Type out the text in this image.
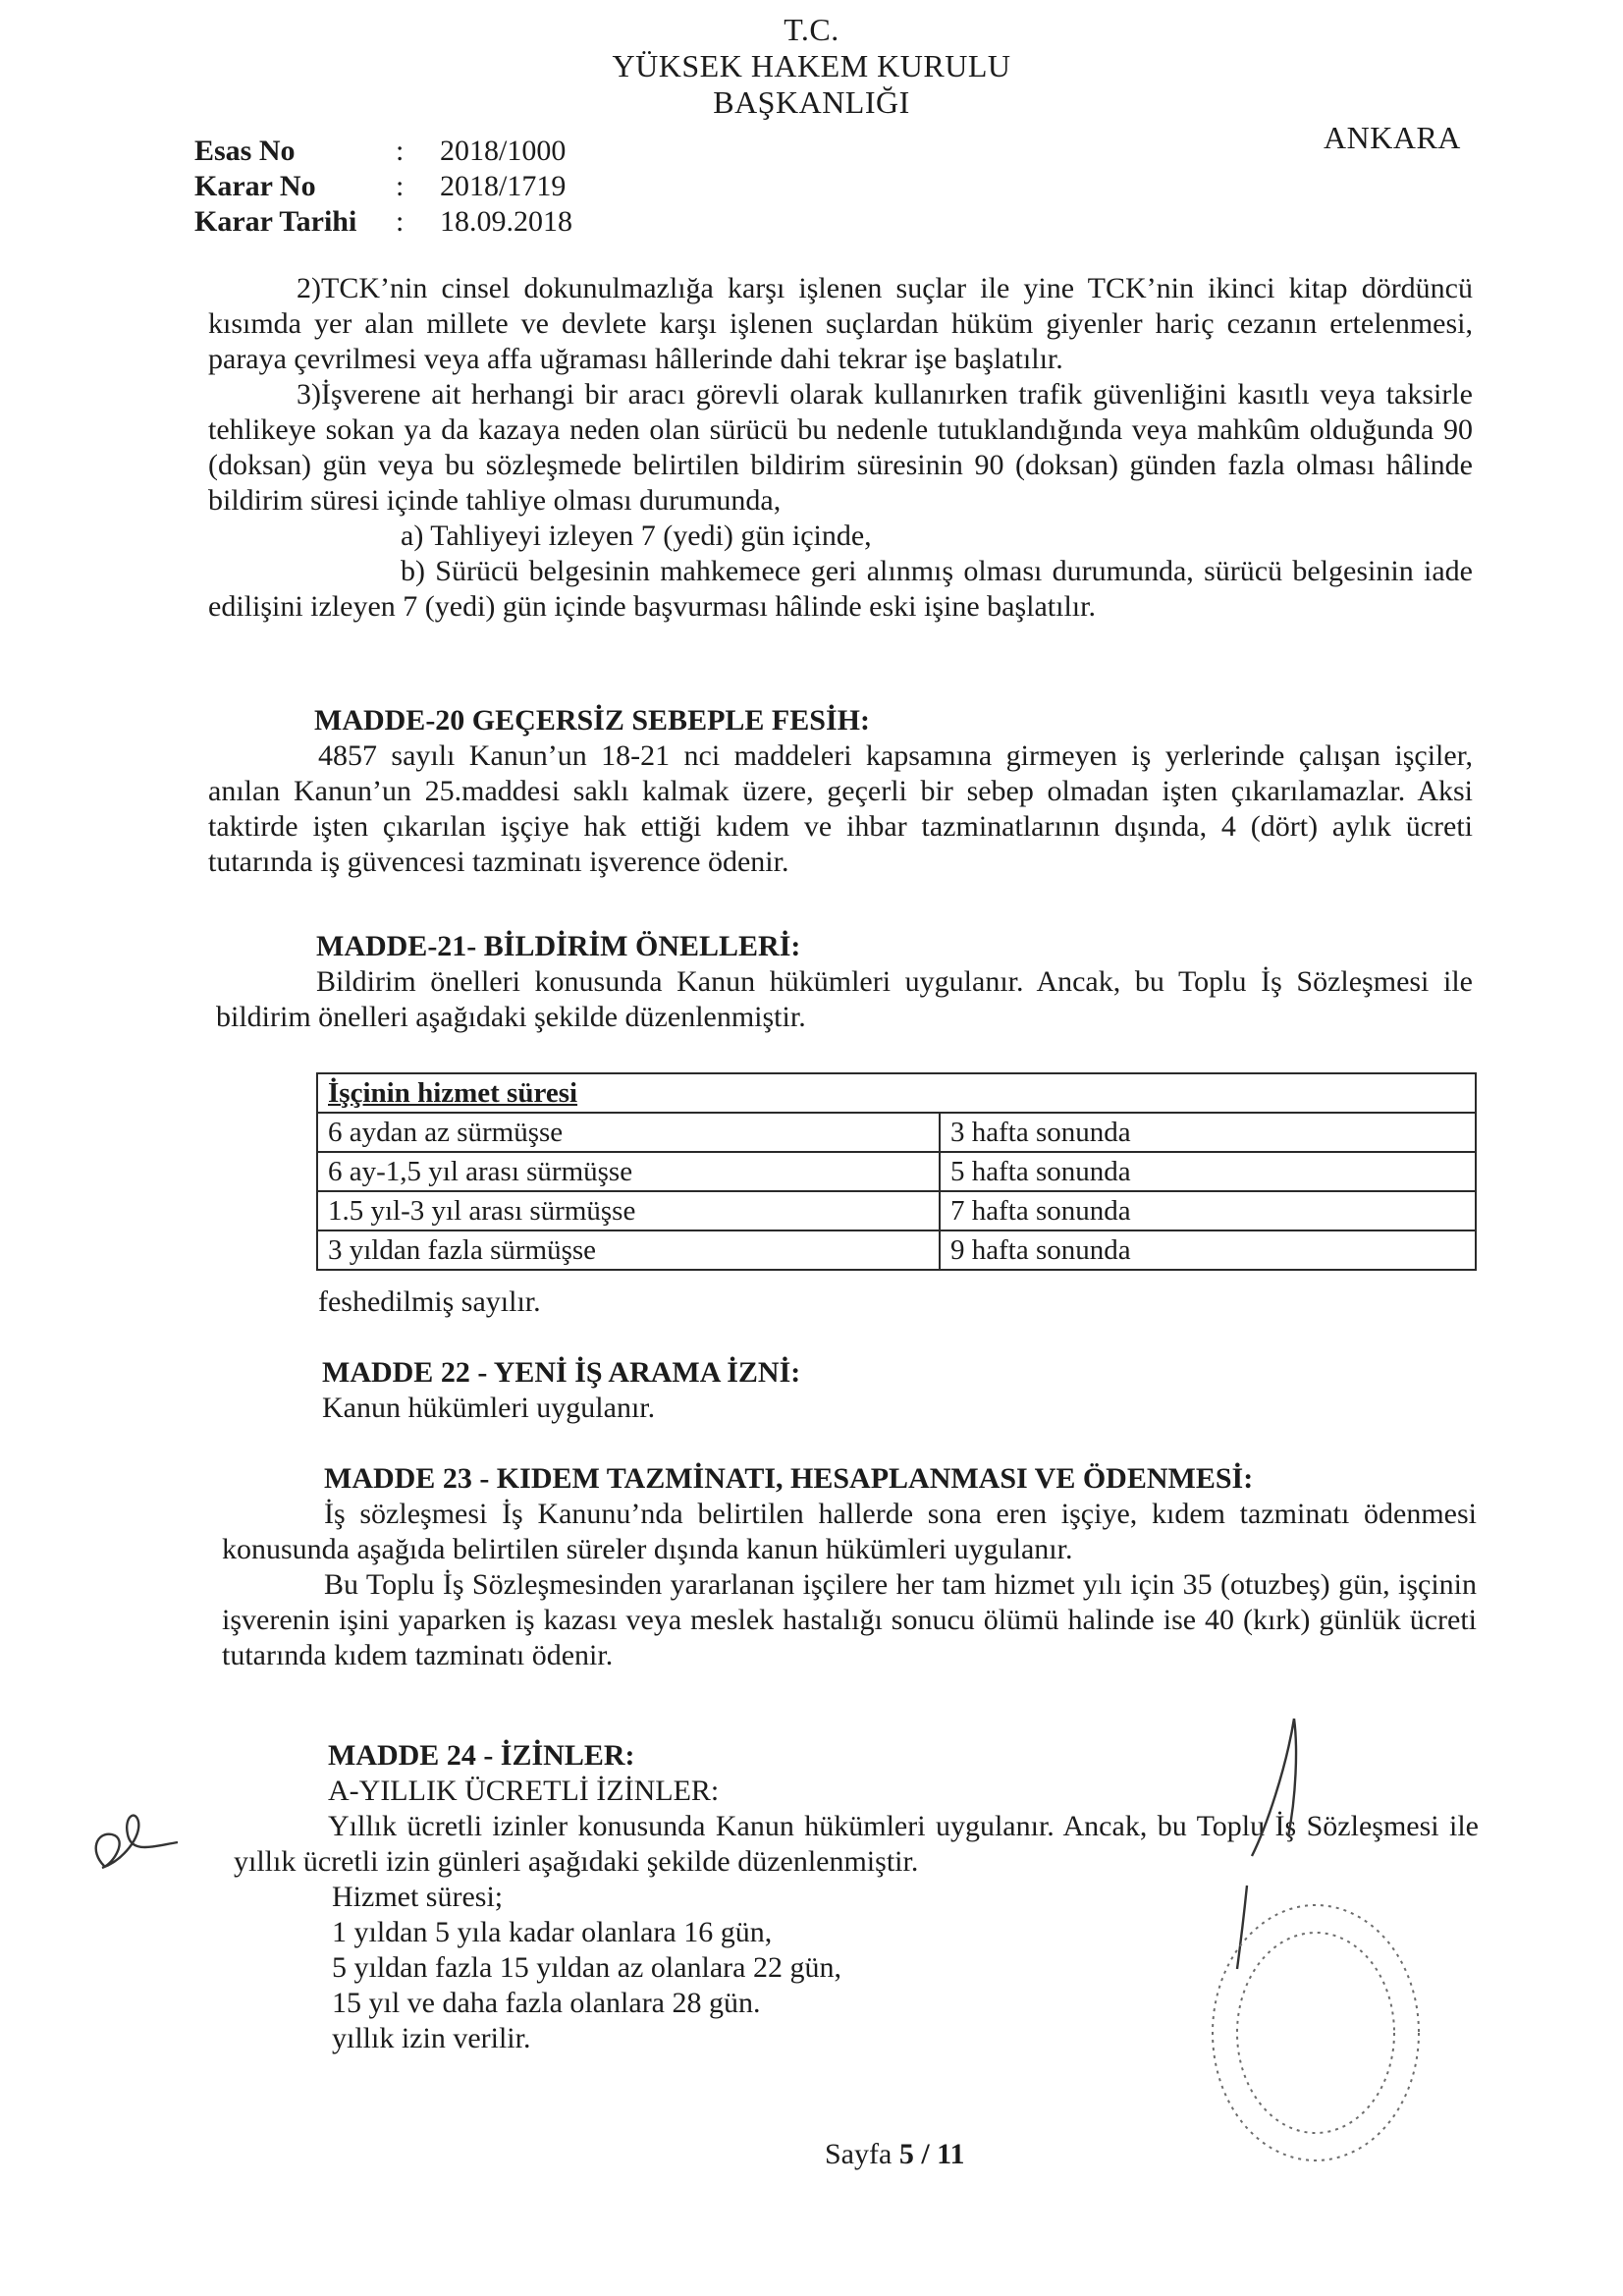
T.C.
YÜKSEK HAKEM KURULU
BAŞKANLIĞI
ANKARA
Esas No	: 2018/1000
Karar No	: 2018/1719
Karar Tarihi : 18.09.2018

2)TCK’nin cinsel dokunulmazlığa karşı işlenen suçlar ile yine TCK’nin ikinci kitap dördüncü kısımda yer alan millete ve devlete karşı işlenen suçlardan hüküm giyenler hariç cezanın ertelenmesi, paraya çevrilmesi veya affa uğraması hâllerinde dahi tekrar işe başlatılır.

3)İşverene ait herhangi bir aracı görevli olarak kullanırken trafik güvenliğini kasıtlı veya taksirle tehlikeye sokan ya da kazaya neden olan sürücü bu nedenle tutuklandığında veya mahkûm olduğunda 90 (doksan) gün veya bu sözleşmede belirtilen bildirim süresinin 90 (doksan) günden fazla olması hâlinde bildirim süresi içinde tahliye olması durumunda,

a) Tahliyeyi izleyen 7 (yedi) gün içinde,

b) Sürücü belgesinin mahkemece geri alınmış olması durumunda, sürücü belgesinin iade edilişini izleyen 7 (yedi) gün içinde başvurması hâlinde eski işine başlatılır.

MADDE-20 GEÇERSİZ SEBEPLE FESİH:

4857 sayılı Kanun’un 18-21 nci maddeleri kapsamına girmeyen iş yerlerinde çalışan işçiler, anılan Kanun’un 25.maddesi saklı kalmak üzere, geçerli bir sebep olmadan işten çıkarılamazlar. Aksi taktirde işten çıkarılan işçiye hak ettiği kıdem ve ihbar tazminatlarının dışında, 4 (dört) aylık ücreti tutarında iş güvencesi tazminatı işverence ödenir.

MADDE-21- BİLDİRİM ÖNELLERİ:

Bildirim önelleri konusunda Kanun hükümleri uygulanır. Ancak, bu Toplu İş Sözleşmesi ile bildirim önelleri aşağıdaki şekilde düzenlenmiştir.

İşçinin hizmet süresi	
6 aydan az sürmüşse	3 hafta sonunda
6 ay-1,5 yıl arası sürmüşse	5 hafta sonunda
1.5 yıl-3 yıl arası sürmüşse	7 hafta sonunda
3 yıldan fazla sürmüşse	9 hafta sonunda
feshedilmiş sayılır.

MADDE 22 - YENİ İŞ ARAMA İZNİ:

Kanun hükümleri uygulanır.

MADDE 23 - KIDEM TAZMİNATI, HESAPLANMASI VE ÖDENMESİ:

İş sözleşmesi İş Kanunu’nda belirtilen hallerde sona eren işçiye, kıdem tazminatı ödenmesi konusunda aşağıda belirtilen süreler dışında kanun hükümleri uygulanır.

Bu Toplu İş Sözleşmesinden yararlanan işçilere her tam hizmet yılı için 35 (otuzbeş) gün, işçinin işverenin işini yaparken iş kazası veya meslek hastalığı sonucu ölümü halinde ise 40 (kırk) günlük ücreti tutarında kıdem tazminatı ödenir.

MADDE 24 - İZİNLER:

A-YILLIK ÜCRETLİ İZİNLER:

Yıllık ücretli izinler konusunda Kanun hükümleri uygulanır. Ancak, bu Toplu İş Sözleşmesi ile yıllık ücretli izin günleri aşağıdaki şekilde düzenlenmiştir.

Hizmet süresi;

1 yıldan 5 yıla kadar olanlara 16 gün,

5 yıldan fazla 15 yıldan az olanlara 22 gün,

15 yıl ve daha fazla olanlara 28 gün.

yıllık izin verilir.

Sayfa 5 / 11
